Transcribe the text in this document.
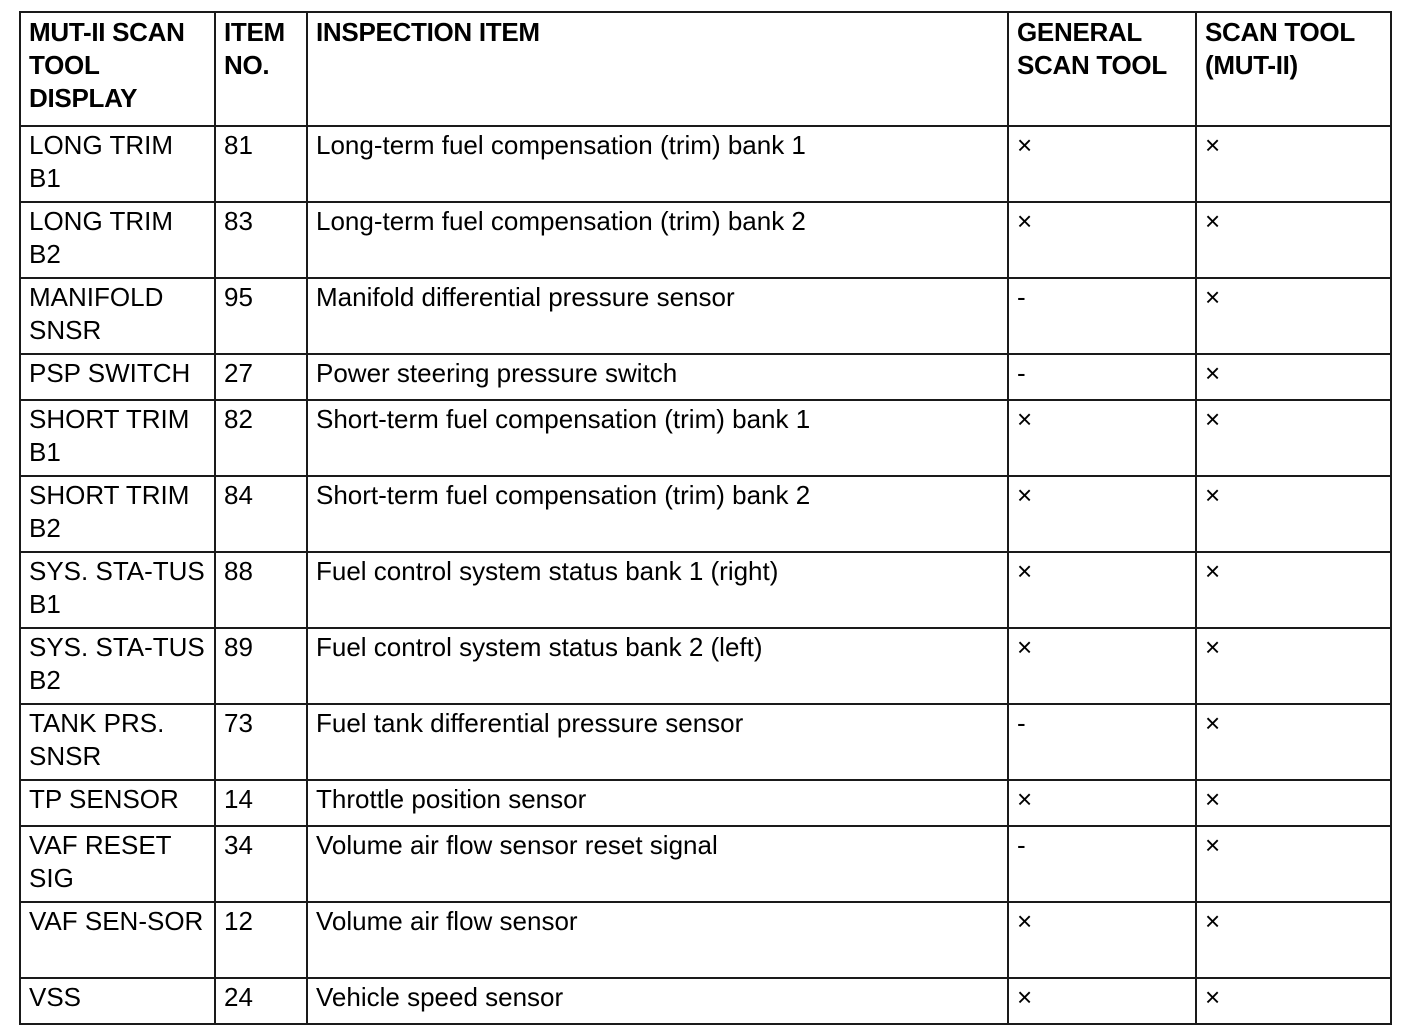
MUT-II SCAN TOOL DISPLAY	ITEM NO.	INSPECTION ITEM	GENERAL SCAN TOOL	SCAN TOOL (MUT-II)
LONG TRIM B1	81	Long-term fuel compensation (trim) bank 1	×	×
LONG TRIM B2	83	Long-term fuel compensation (trim) bank 2	×	×
MANIFOLD SNSR	95	Manifold differential pressure sensor	-	×
PSP SWITCH	27	Power steering pressure switch	-	×
SHORT TRIM B1	82	Short-term fuel compensation (trim) bank 1	×	×
SHORT TRIM B2	84	Short-term fuel compensation (trim) bank 2	×	×
SYS. STA-TUS B1	88	Fuel control system status bank 1 (right)	×	×
SYS. STA-TUS B2	89	Fuel control system status bank 2 (left)	×	×
TANK PRS. SNSR	73	Fuel tank differential pressure sensor	-	×
TP SENSOR	14	Throttle position sensor	×	×
VAF RESET SIG	34	Volume air flow sensor reset signal	-	×
VAF SEN-SOR	12	Volume air flow sensor	×	×
VSS	24	Vehicle speed sensor	×	×
